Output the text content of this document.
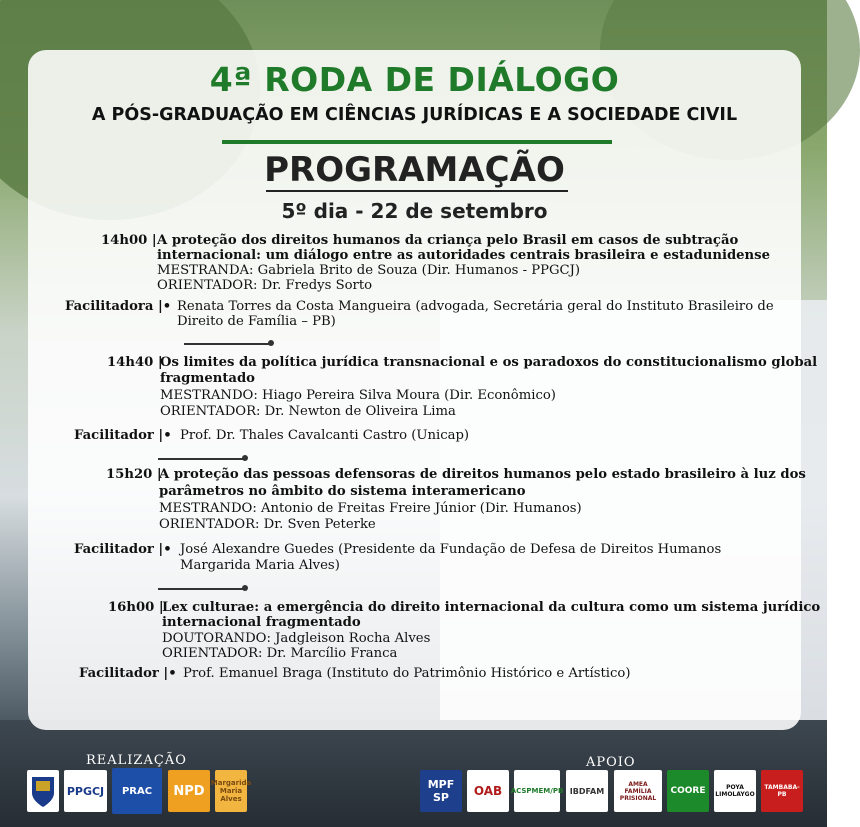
4ª RODA DE DIÁLOGO
A PÓS-GRADUAÇÃO EM CIÊNCIAS JURÍDICAS E A SOCIEDADE CIVIL
PROGRAMAÇÃO
5º dia - 22 de setembro
14h00 | A proteção dos direitos humanos da criança pelo Brasil em casos de subtração
internacional: um diálogo entre as autoridades centrais brasileira e estadunidense
MESTRANDA: Gabriela Brito de Souza (Dir. Humanos - PPGCJ)
ORIENTADOR: Dr. Fredys Sorto
Facilitadora |• Renata Torres da Costa Mangueira (advogada, Secretária geral do Instituto Brasileiro de
Direito de Família – PB)
14h40 |
Os limites da política jurídica transnacional e os paradoxos do constitucionalismo global
fragmentado
MESTRANDO: Hiago Pereira Silva Moura (Dir. Econômico)
ORIENTADOR: Dr. Newton de Oliveira Lima
Facilitador |• Prof. Dr. Thales Cavalcanti Castro (Unicap)
15h20 |
A proteção das pessoas defensoras de direitos humanos pelo estado brasileiro à luz dos
parâmetros no âmbito do sistema interamericano
MESTRANDO: Antonio de Freitas Freire Júnior (Dir. Humanos)
ORIENTADOR: Dr. Sven Peterke
Facilitador |• José Alexandre Guedes (Presidente da Fundação de Defesa de Direitos Humanos
Margarida Maria Alves)
16h00 |
Lex culturae: a emergência do direito internacional da cultura como um sistema jurídico
internacional fragmentado
DOUTORANDO: Jadgleison Rocha Alves
ORIENTADOR: Dr. Marcílio Franca
Facilitador |• Prof. Emanuel Braga (Instituto do Patrimônio Histórico e Artístico)
REALIZAÇÃO	APOIO
PPGCJ	PRAC	NPD
Margarida Maria Alves
MPF SP	OAB	ACSPMEM/PB IBDFAM
AMEA FAMÍLIA PRISIONAL
COORE	POYA LIMOLAYGO
TAMBABA-PB
